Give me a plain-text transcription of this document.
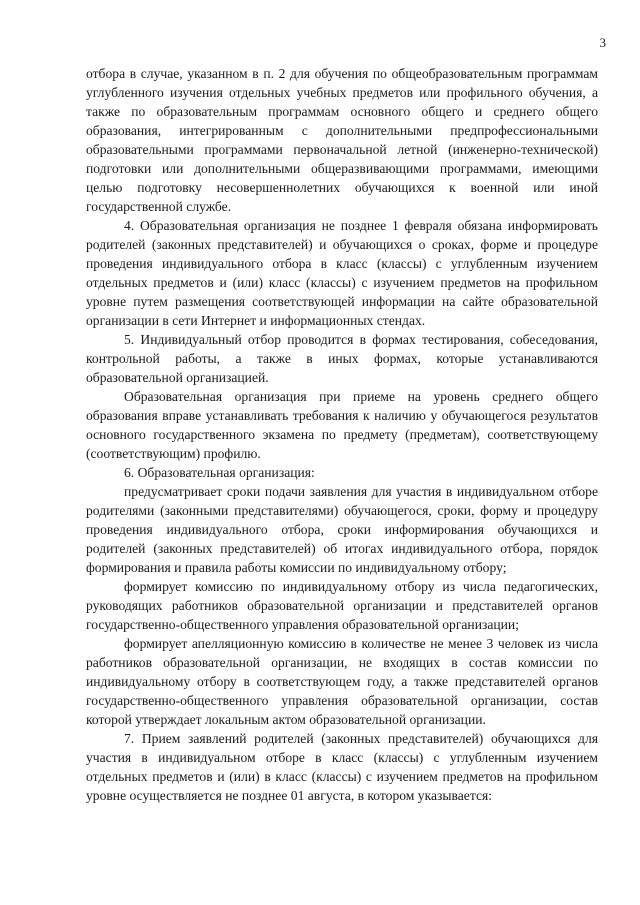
3

отбора в случае, указанном в п. 2 для обучения по общеобразовательным программам углубленного изучения отдельных учебных предметов или профильного обучения, а также по образовательным программам основного общего и среднего общего образования, интегрированным с дополнительными предпрофессиональными образовательными программами первоначальной летной (инженерно-технической) подготовки или дополнительными общеразвивающими программами, имеющими целью подготовку несовершеннолетних обучающихся к военной или иной государственной службе.

4. Образовательная организация не позднее 1 февраля обязана информировать родителей (законных представителей) и обучающихся о сроках, форме и процедуре проведения индивидуального отбора в класс (классы) с углубленным изучением отдельных предметов и (или) класс (классы) с изучением предметов на профильном уровне путем размещения соответствующей информации на сайте образовательной организации в сети Интернет и информационных стендах.

5. Индивидуальный отбор проводится в формах тестирования, собеседования, контрольной работы, а также в иных формах, которые устанавливаются образовательной организацией.

Образовательная организация при приеме на уровень среднего общего образования вправе устанавливать требования к наличию у обучающегося результатов основного государственного экзамена по предмету (предметам), соответствующему (соответствующим) профилю.

6. Образовательная организация:

предусматривает сроки подачи заявления для участия в индивидуальном отборе родителями (законными представителями) обучающегося, сроки, форму и процедуру проведения индивидуального отбора, сроки информирования обучающихся и родителей (законных представителей) об итогах индивидуального отбора, порядок формирования и правила работы комиссии по индивидуальному отбору;

формирует комиссию по индивидуальному отбору из числа педагогических, руководящих работников образовательной организации и представителей органов государственно-общественного управления образовательной организации;

формирует апелляционную комиссию в количестве не менее 3 человек из числа работников образовательной организации, не входящих в состав комиссии по индивидуальному отбору в соответствующем году, а также представителей органов государственно-общественного управления образовательной организации, состав которой утверждает локальным актом образовательной организации.

7. Прием заявлений родителей (законных представителей) обучающихся для участия в индивидуальном отборе в класс (классы) с углубленным изучением отдельных предметов и (или) в класс (классы) с изучением предметов на профильном уровне осуществляется не позднее 01 августа, в котором указывается:
